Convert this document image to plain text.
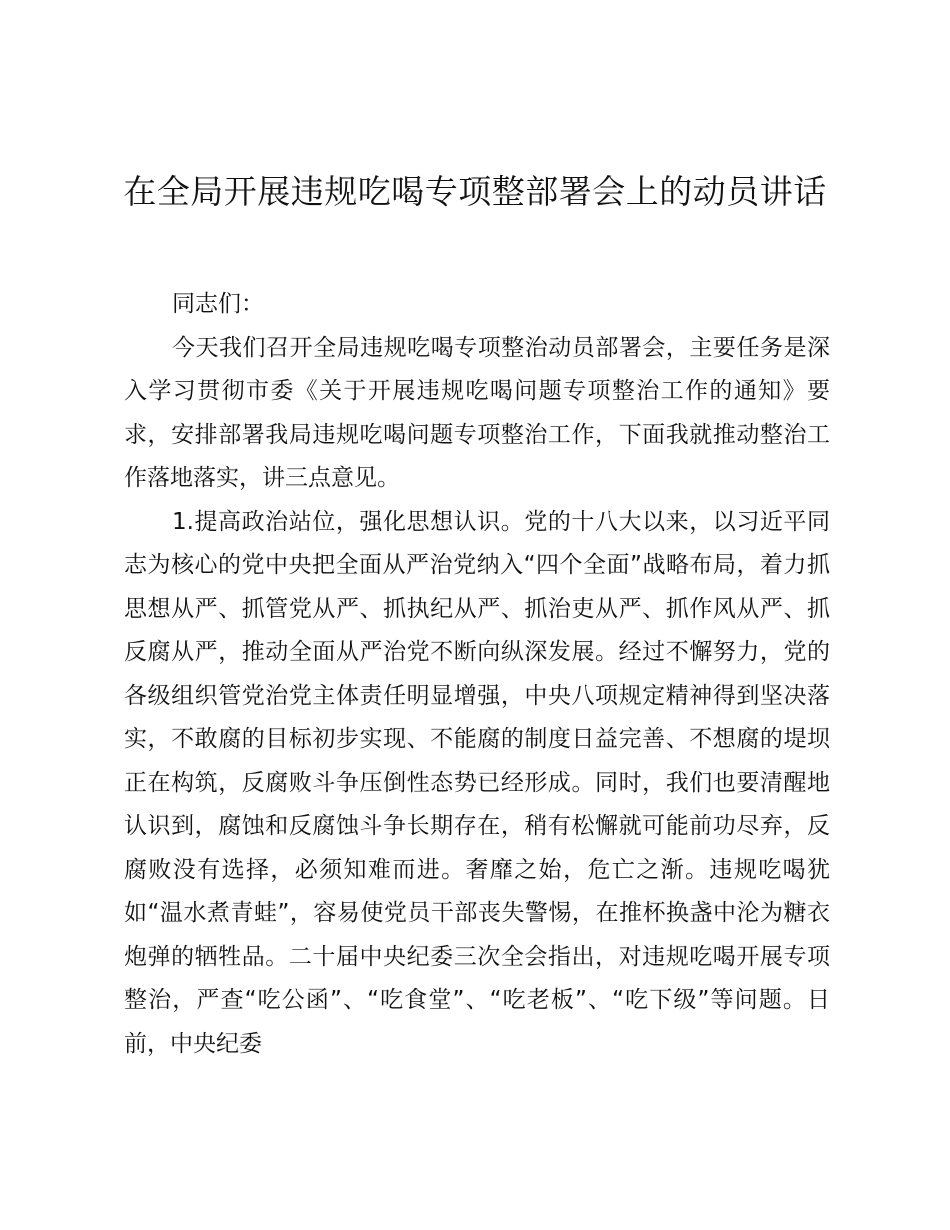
在全局开展违规吃喝专项整部署会上的动员讲话

同志们：

今天我们召开全局违规吃喝专项整治动员部署会，主要任务是深入学习贯彻市委《关于开展违规吃喝问题专项整治工作的通知》要求，安排部署我局违规吃喝问题专项整治工作，下面我就推动整治工作落地落实，讲三点意见。

1.提高政治站位，强化思想认识。党的十八大以来，以习近平同志为核心的党中央把全面从严治党纳入“四个全面”战略布局，着力抓思想从严、抓管党从严、抓执纪从严、抓治吏从严、抓作风从严、抓反腐从严，推动全面从严治党不断向纵深发展。经过不懈努力，党的各级组织管党治党主体责任明显增强，中央八项规定精神得到坚决落实，不敢腐的目标初步实现、不能腐的制度日益完善、不想腐的堤坝正在构筑，反腐败斗争压倒性态势已经形成。同时，我们也要清醒地认识到，腐蚀和反腐蚀斗争长期存在，稍有松懈就可能前功尽弃，反腐败没有选择，必须知难而进。奢靡之始，危亡之渐。违规吃喝犹如“温水煮青蛙”，容易使党员干部丧失警惕，在推杯换盏中沦为糖衣炮弹的牺牲品。二十届中央纪委三次全会指出，对违规吃喝开展专项整治，严查“吃公函”、“吃食堂”、“吃老板”、“吃下级”等问题。日前，中央纪委
